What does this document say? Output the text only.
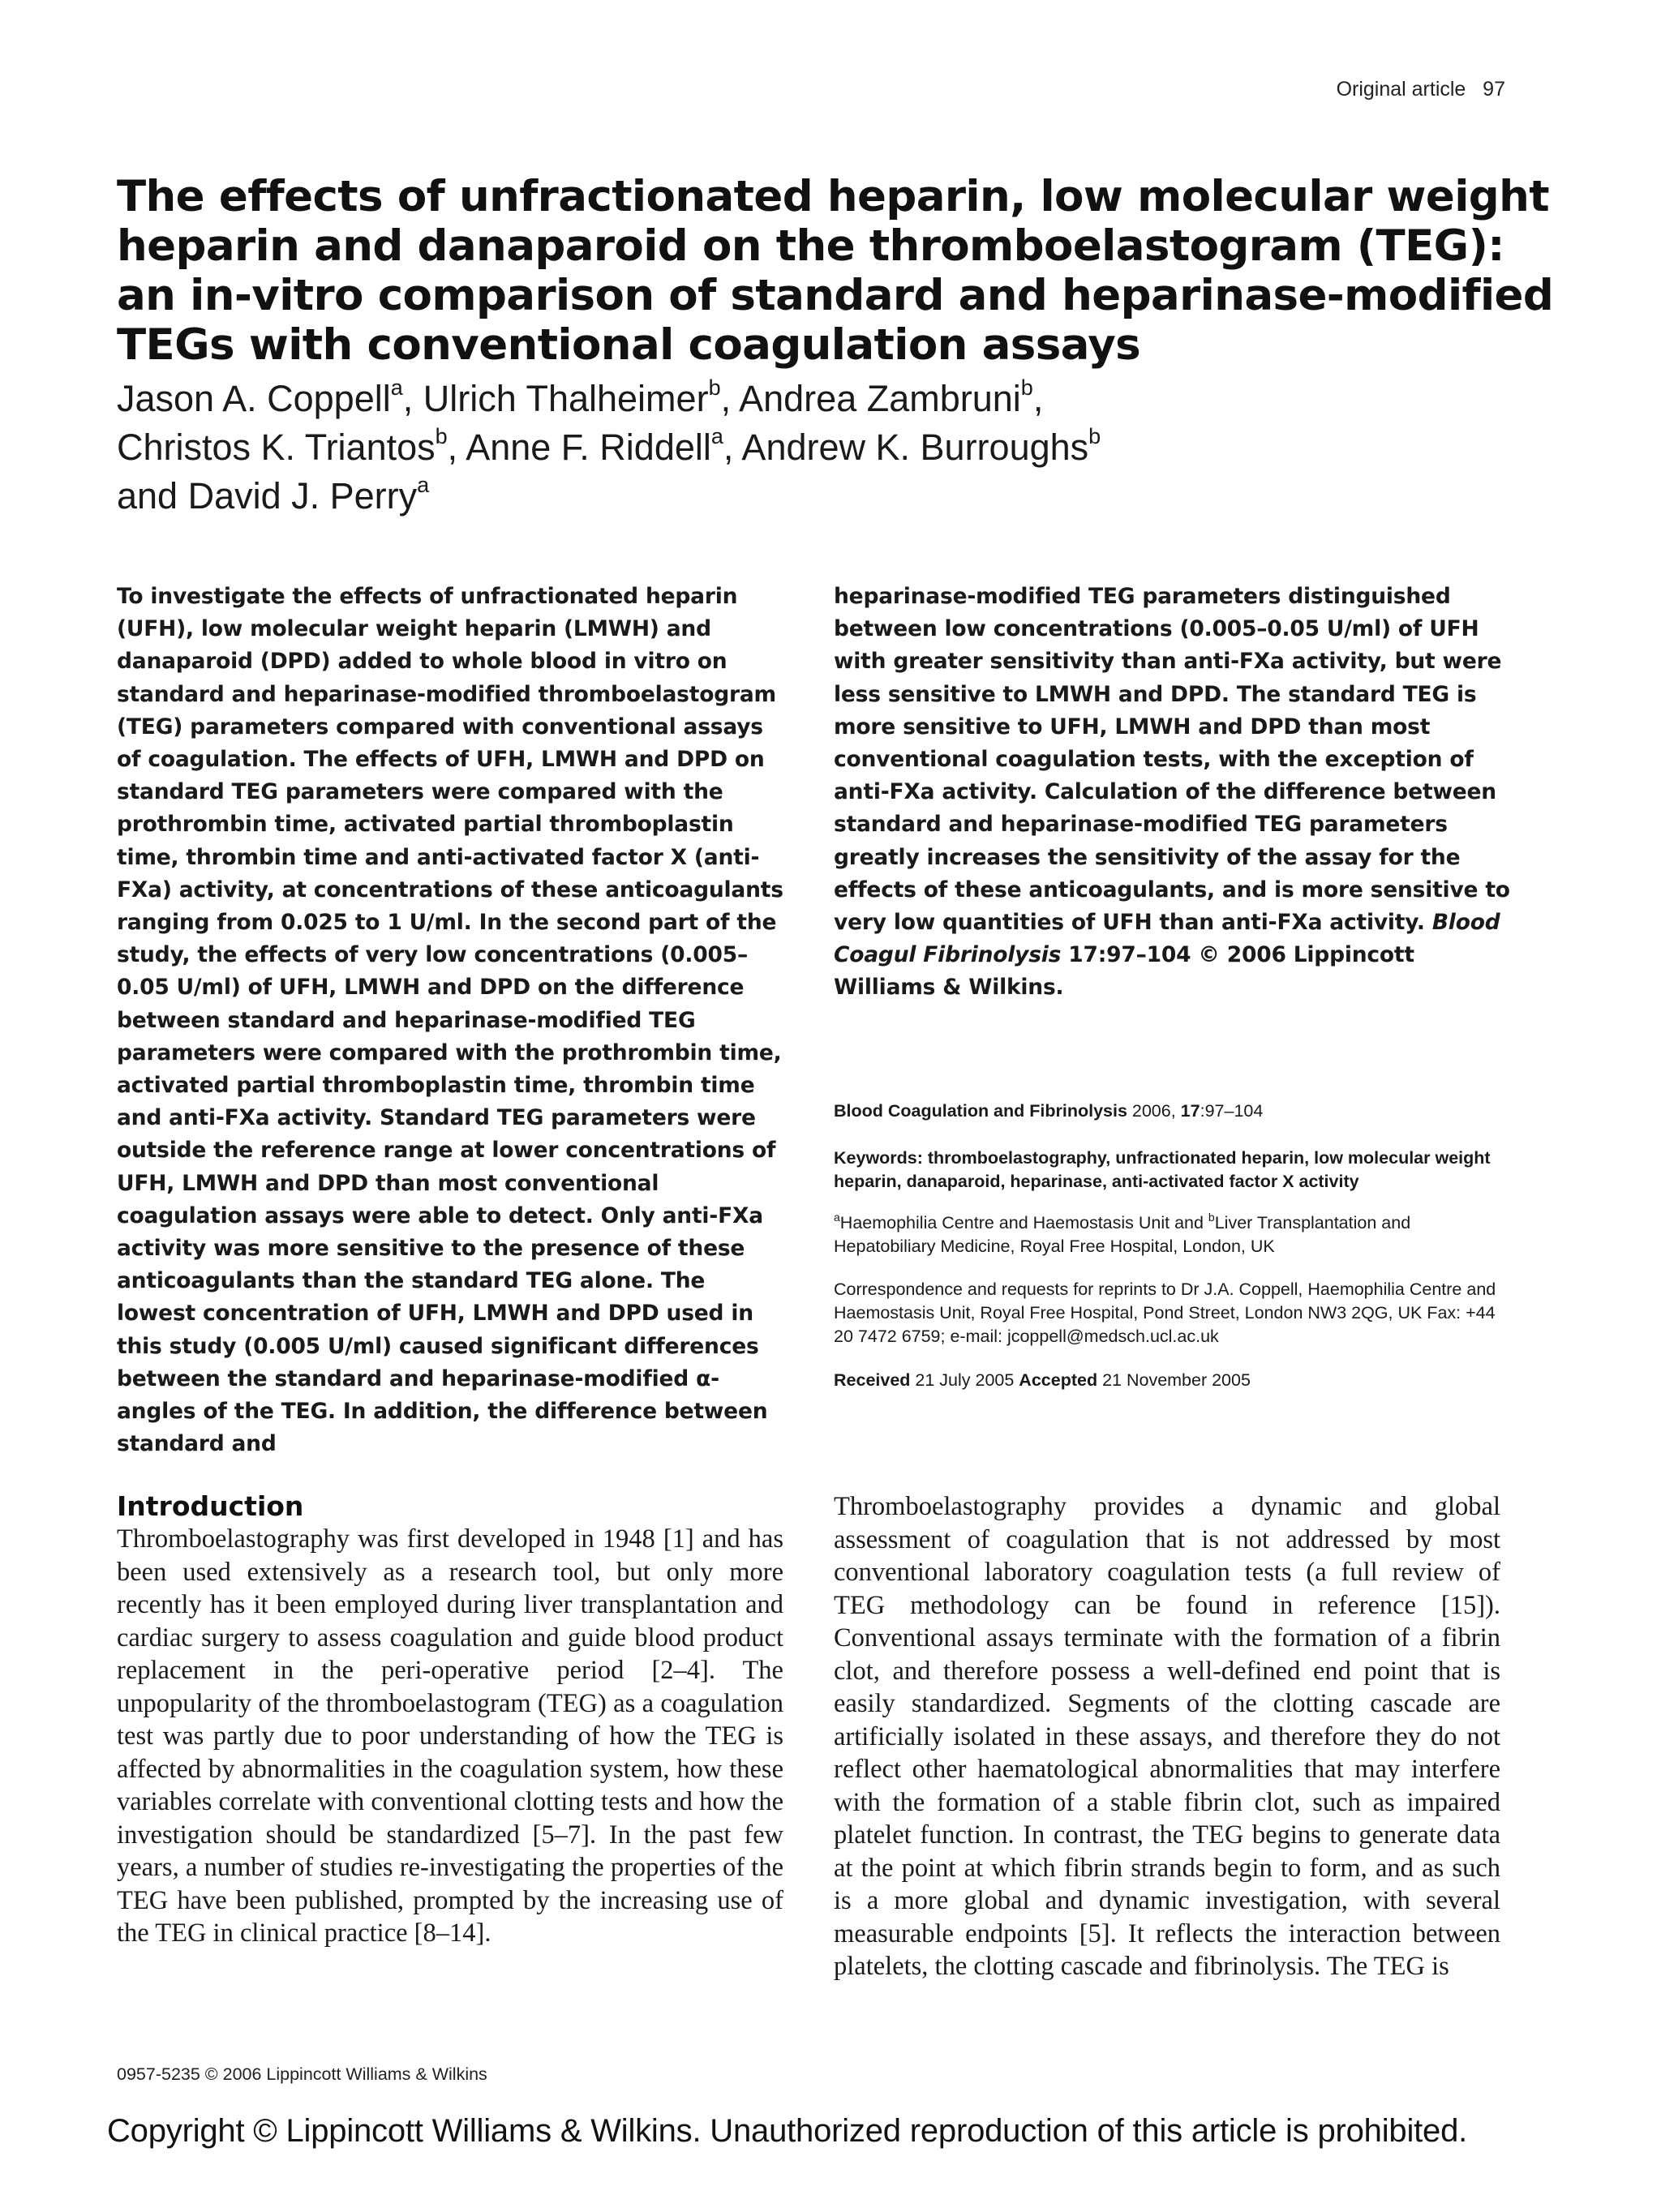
Original article   97
The effects of unfractionated heparin, low molecular weight heparin and danaparoid on the thromboelastogram (TEG): an in-vitro comparison of standard and heparinase-modified TEGs with conventional coagulation assays
Jason A. Coppell$^a$, Ulrich Thalheimer$^b$, Andrea Zambruni$^b$,
Christos K. Triantos$^b$, Anne F. Riddell$^a$, Andrew K. Burroughs$^b$
and David J. Perry$^a$
To investigate the effects of unfractionated heparin (UFH), low molecular weight heparin (LMWH) and danaparoid (DPD) added to whole blood in vitro on standard and heparinase-modified thromboelastogram (TEG) parameters compared with conventional assays of coagulation. The effects of UFH, LMWH and DPD on standard TEG parameters were compared with the prothrombin time, activated partial thromboplastin time, thrombin time and anti-activated factor X (anti-FXa) activity, at concentrations of these anticoagulants ranging from 0.025 to 1 U/ml. In the second part of the study, the effects of very low concentrations (0.005–0.05 U/ml) of UFH, LMWH and DPD on the difference between standard and heparinase-modified TEG parameters were compared with the prothrombin time, activated partial thromboplastin time, thrombin time and anti-FXa activity. Standard TEG parameters were outside the reference range at lower concentrations of UFH, LMWH and DPD than most conventional coagulation assays were able to detect. Only anti-FXa activity was more sensitive to the presence of these anticoagulants than the standard TEG alone. The lowest concentration of UFH, LMWH and DPD used in this study (0.005 U/ml) caused significant differences between the standard and heparinase-modified α-angles of the TEG. In addition, the difference between standard and
heparinase-modified TEG parameters distinguished between low concentrations (0.005–0.05 U/ml) of UFH with greater sensitivity than anti-FXa activity, but were less sensitive to LMWH and DPD. The standard TEG is more sensitive to UFH, LMWH and DPD than most conventional coagulation tests, with the exception of anti-FXa activity. Calculation of the difference between standard and heparinase-modified TEG parameters greatly increases the sensitivity of the assay for the effects of these anticoagulants, and is more sensitive to very low quantities of UFH than anti-FXa activity. Blood Coagul Fibrinolysis 17:97–104 © 2006 Lippincott Williams & Wilkins.
Blood Coagulation and Fibrinolysis 2006, 17:97–104
Keywords: thromboelastography, unfractionated heparin, low molecular weight heparin, danaparoid, heparinase, anti-activated factor X activity
$^a$Haemophilia Centre and Haemostasis Unit and $^b$Liver Transplantation and Hepatobiliary Medicine, Royal Free Hospital, London, UK
Correspondence and requests for reprints to Dr J.A. Coppell, Haemophilia Centre and Haemostasis Unit, Royal Free Hospital, Pond Street, London NW3 2QG, UK Fax: +44 20 7472 6759; e-mail: jcoppell@medsch.ucl.ac.uk
Received 21 July 2005 Accepted 21 November 2005
Introduction
Thromboelastography was first developed in 1948 [1] and has been used extensively as a research tool, but only more recently has it been employed during liver transplantation and cardiac surgery to assess coagulation and guide blood product replacement in the peri-operative period [2–4]. The unpopularity of the thromboelastogram (TEG) as a coagulation test was partly due to poor understanding of how the TEG is affected by abnormalities in the coagulation system, how these variables correlate with conventional clotting tests and how the investigation should be standardized [5–7]. In the past few years, a number of studies re-investigating the properties of the TEG have been published, prompted by the increasing use of the TEG in clinical practice [8–14].
Thromboelastography provides a dynamic and global assessment of coagulation that is not addressed by most conventional laboratory coagulation tests (a full review of TEG methodology can be found in reference [15]). Conventional assays terminate with the formation of a fibrin clot, and therefore possess a well-defined end point that is easily standardized. Segments of the clotting cascade are artificially isolated in these assays, and therefore they do not reflect other haematological abnormalities that may interfere with the formation of a stable fibrin clot, such as impaired platelet function. In contrast, the TEG begins to generate data at the point at which fibrin strands begin to form, and as such is a more global and dynamic investigation, with several measurable endpoints [5]. It reflects the interaction between platelets, the clotting cascade and fibrinolysis. The TEG is
0957-5235 © 2006 Lippincott Williams & Wilkins
Copyright © Lippincott Williams & Wilkins. Unauthorized reproduction of this article is prohibited.
